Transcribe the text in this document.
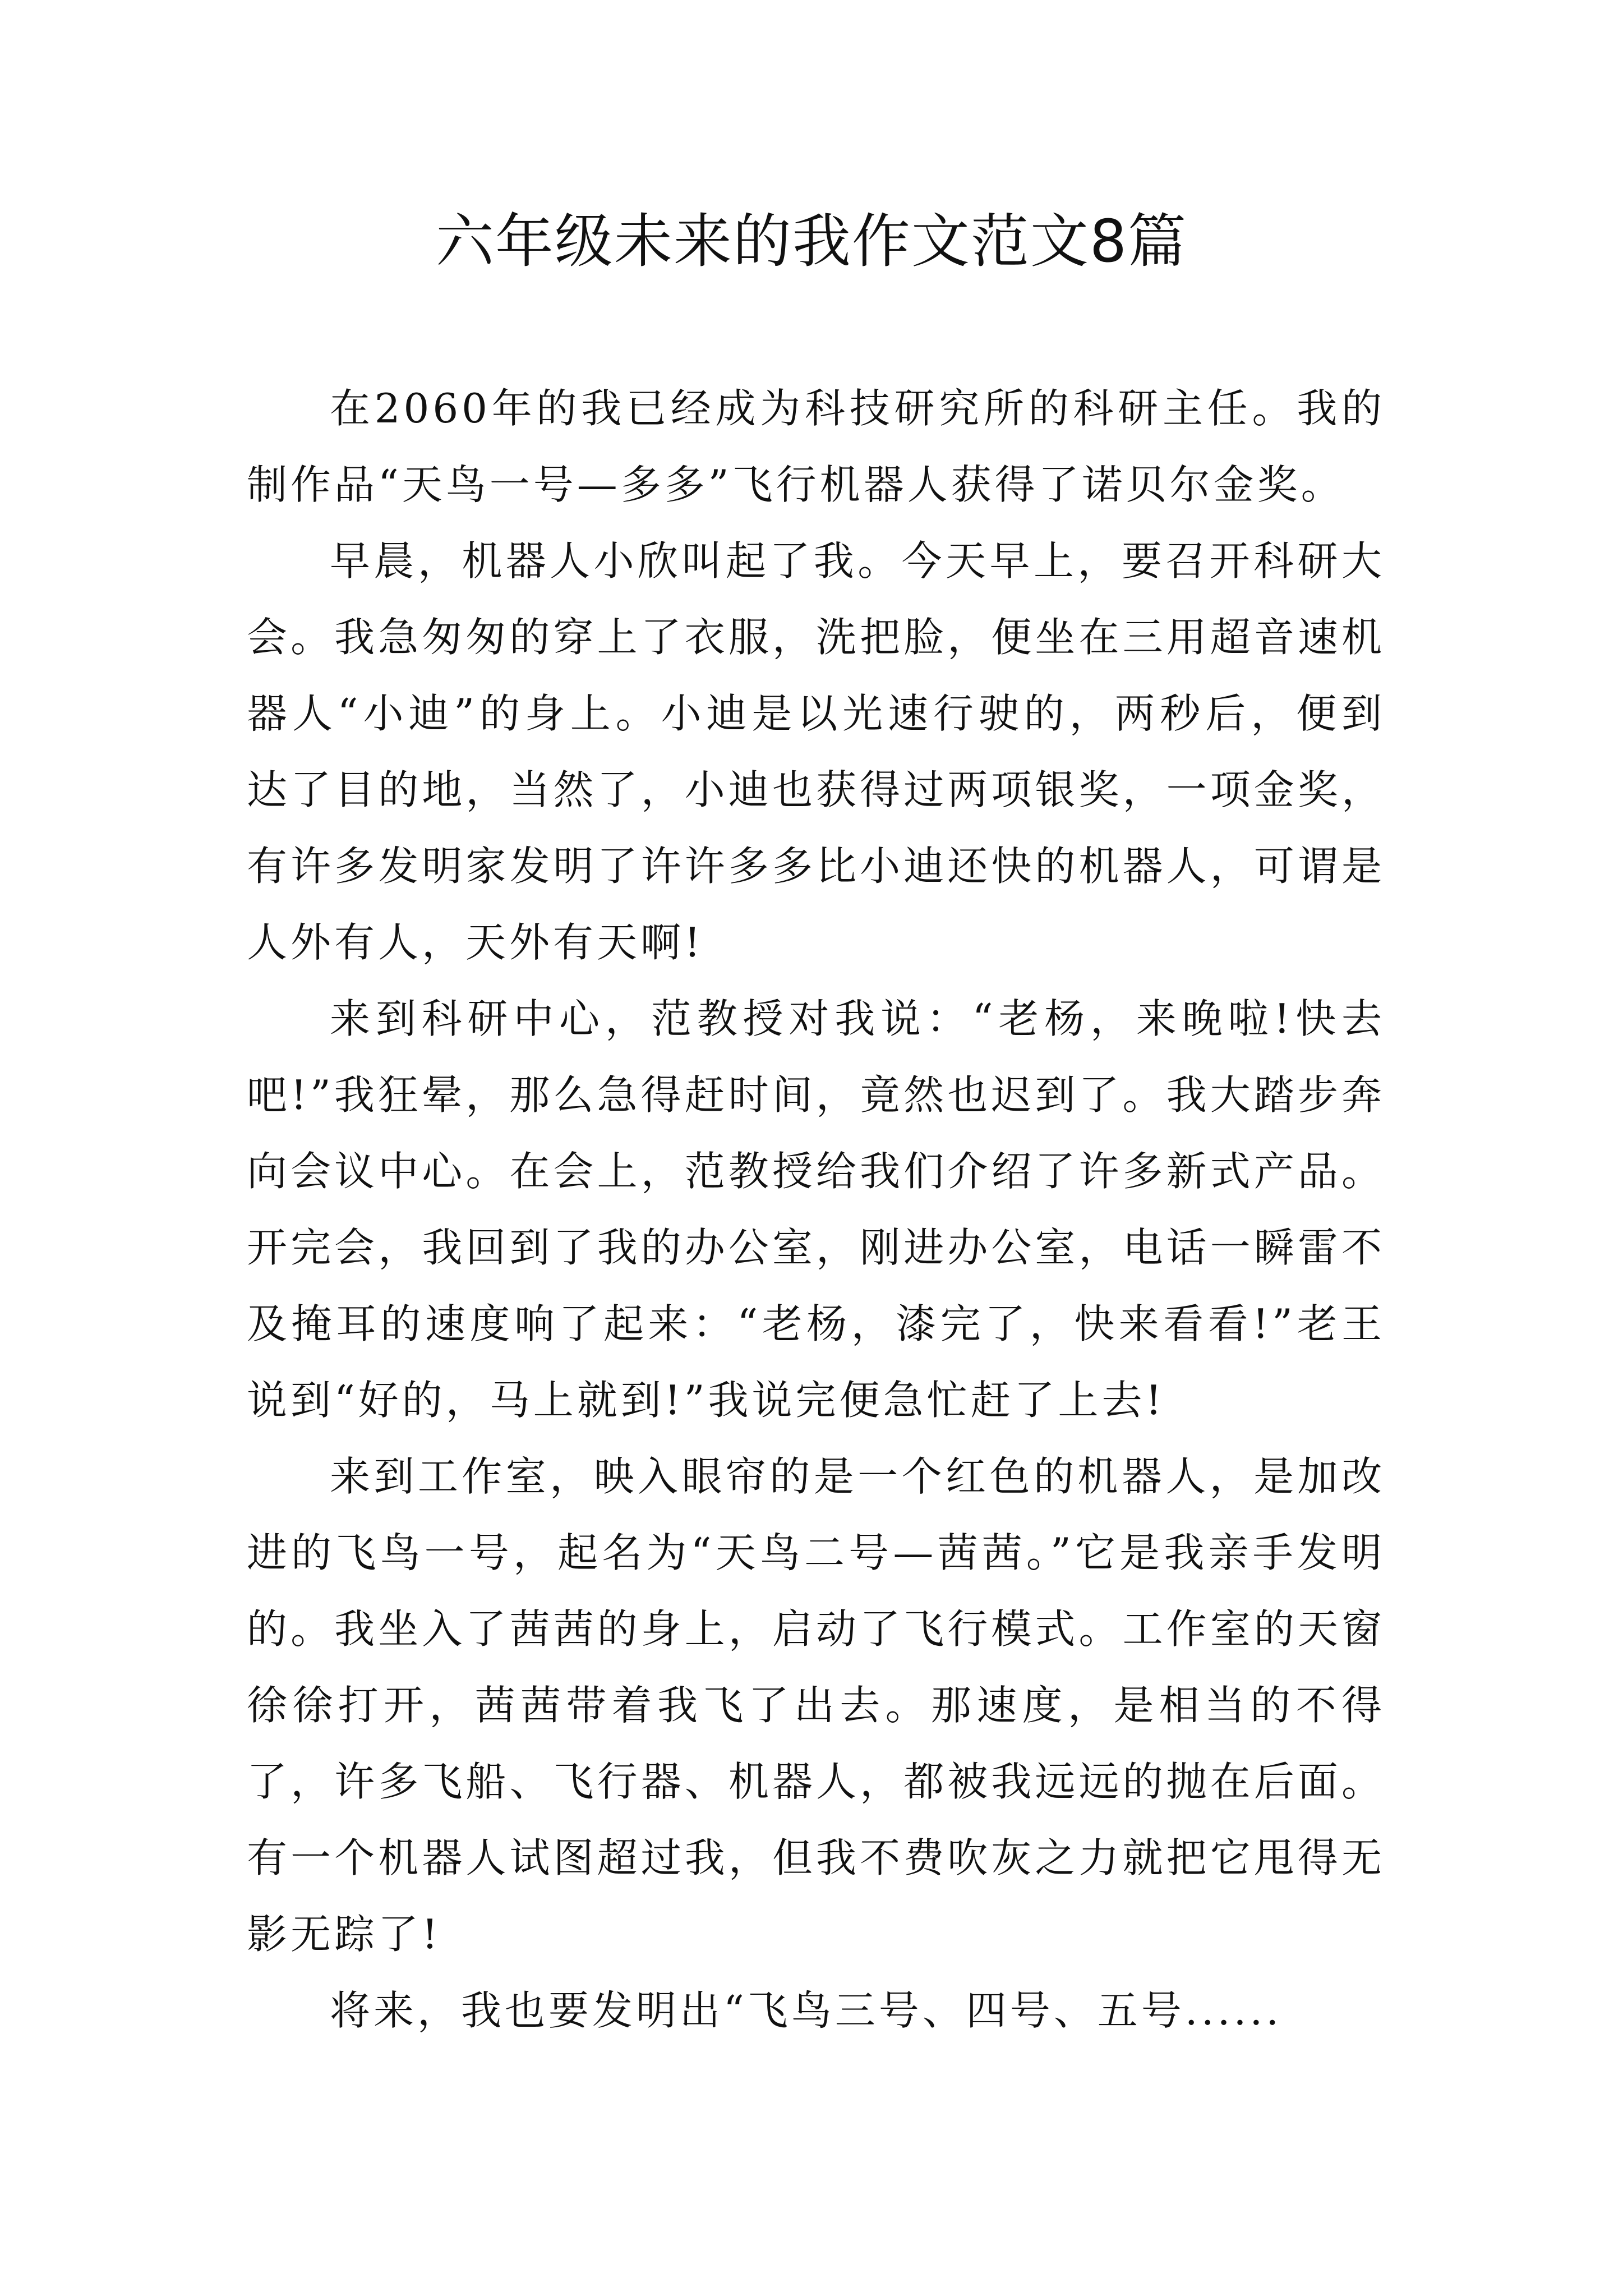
六年级未来的我作文范文8篇

在2060年的我已经成为科技研究所的科研主任。我的制作品“天鸟一号—多多”飞行机器人获得了诺贝尔金奖。

早晨，机器人小欣叫起了我。今天早上，要召开科研大会。我急匆匆的穿上了衣服，洗把脸，便坐在三用超音速机器人“小迪”的身上。小迪是以光速行驶的，两秒后，便到达了目的地，当然了，小迪也获得过两项银奖，一项金奖，有许多发明家发明了许许多多比小迪还快的机器人，可谓是人外有人，天外有天啊!

来到科研中心，范教授对我说：“老杨，来晚啦!快去吧!”我狂晕，那么急得赶时间，竟然也迟到了。我大踏步奔向会议中心。在会上，范教授给我们介绍了许多新式产品。开完会，我回到了我的办公室，刚进办公室，电话一瞬雷不及掩耳的速度响了起来：“老杨，漆完了，快来看看!”老王说到“好的，马上就到!”我说完便急忙赶了上去!

来到工作室，映入眼帘的是一个红色的机器人，是加改进的飞鸟一号，起名为“天鸟二号—茜茜。”它是我亲手发明的。我坐入了茜茜的身上，启动了飞行模式。工作室的天窗徐徐打开，茜茜带着我飞了出去。那速度，是相当的不得了，许多飞船、飞行器、机器人，都被我远远的抛在后面。有一个机器人试图超过我，但我不费吹灰之力就把它甩得无影无踪了!

将来，我也要发明出“飞鸟三号、四号、五号......
